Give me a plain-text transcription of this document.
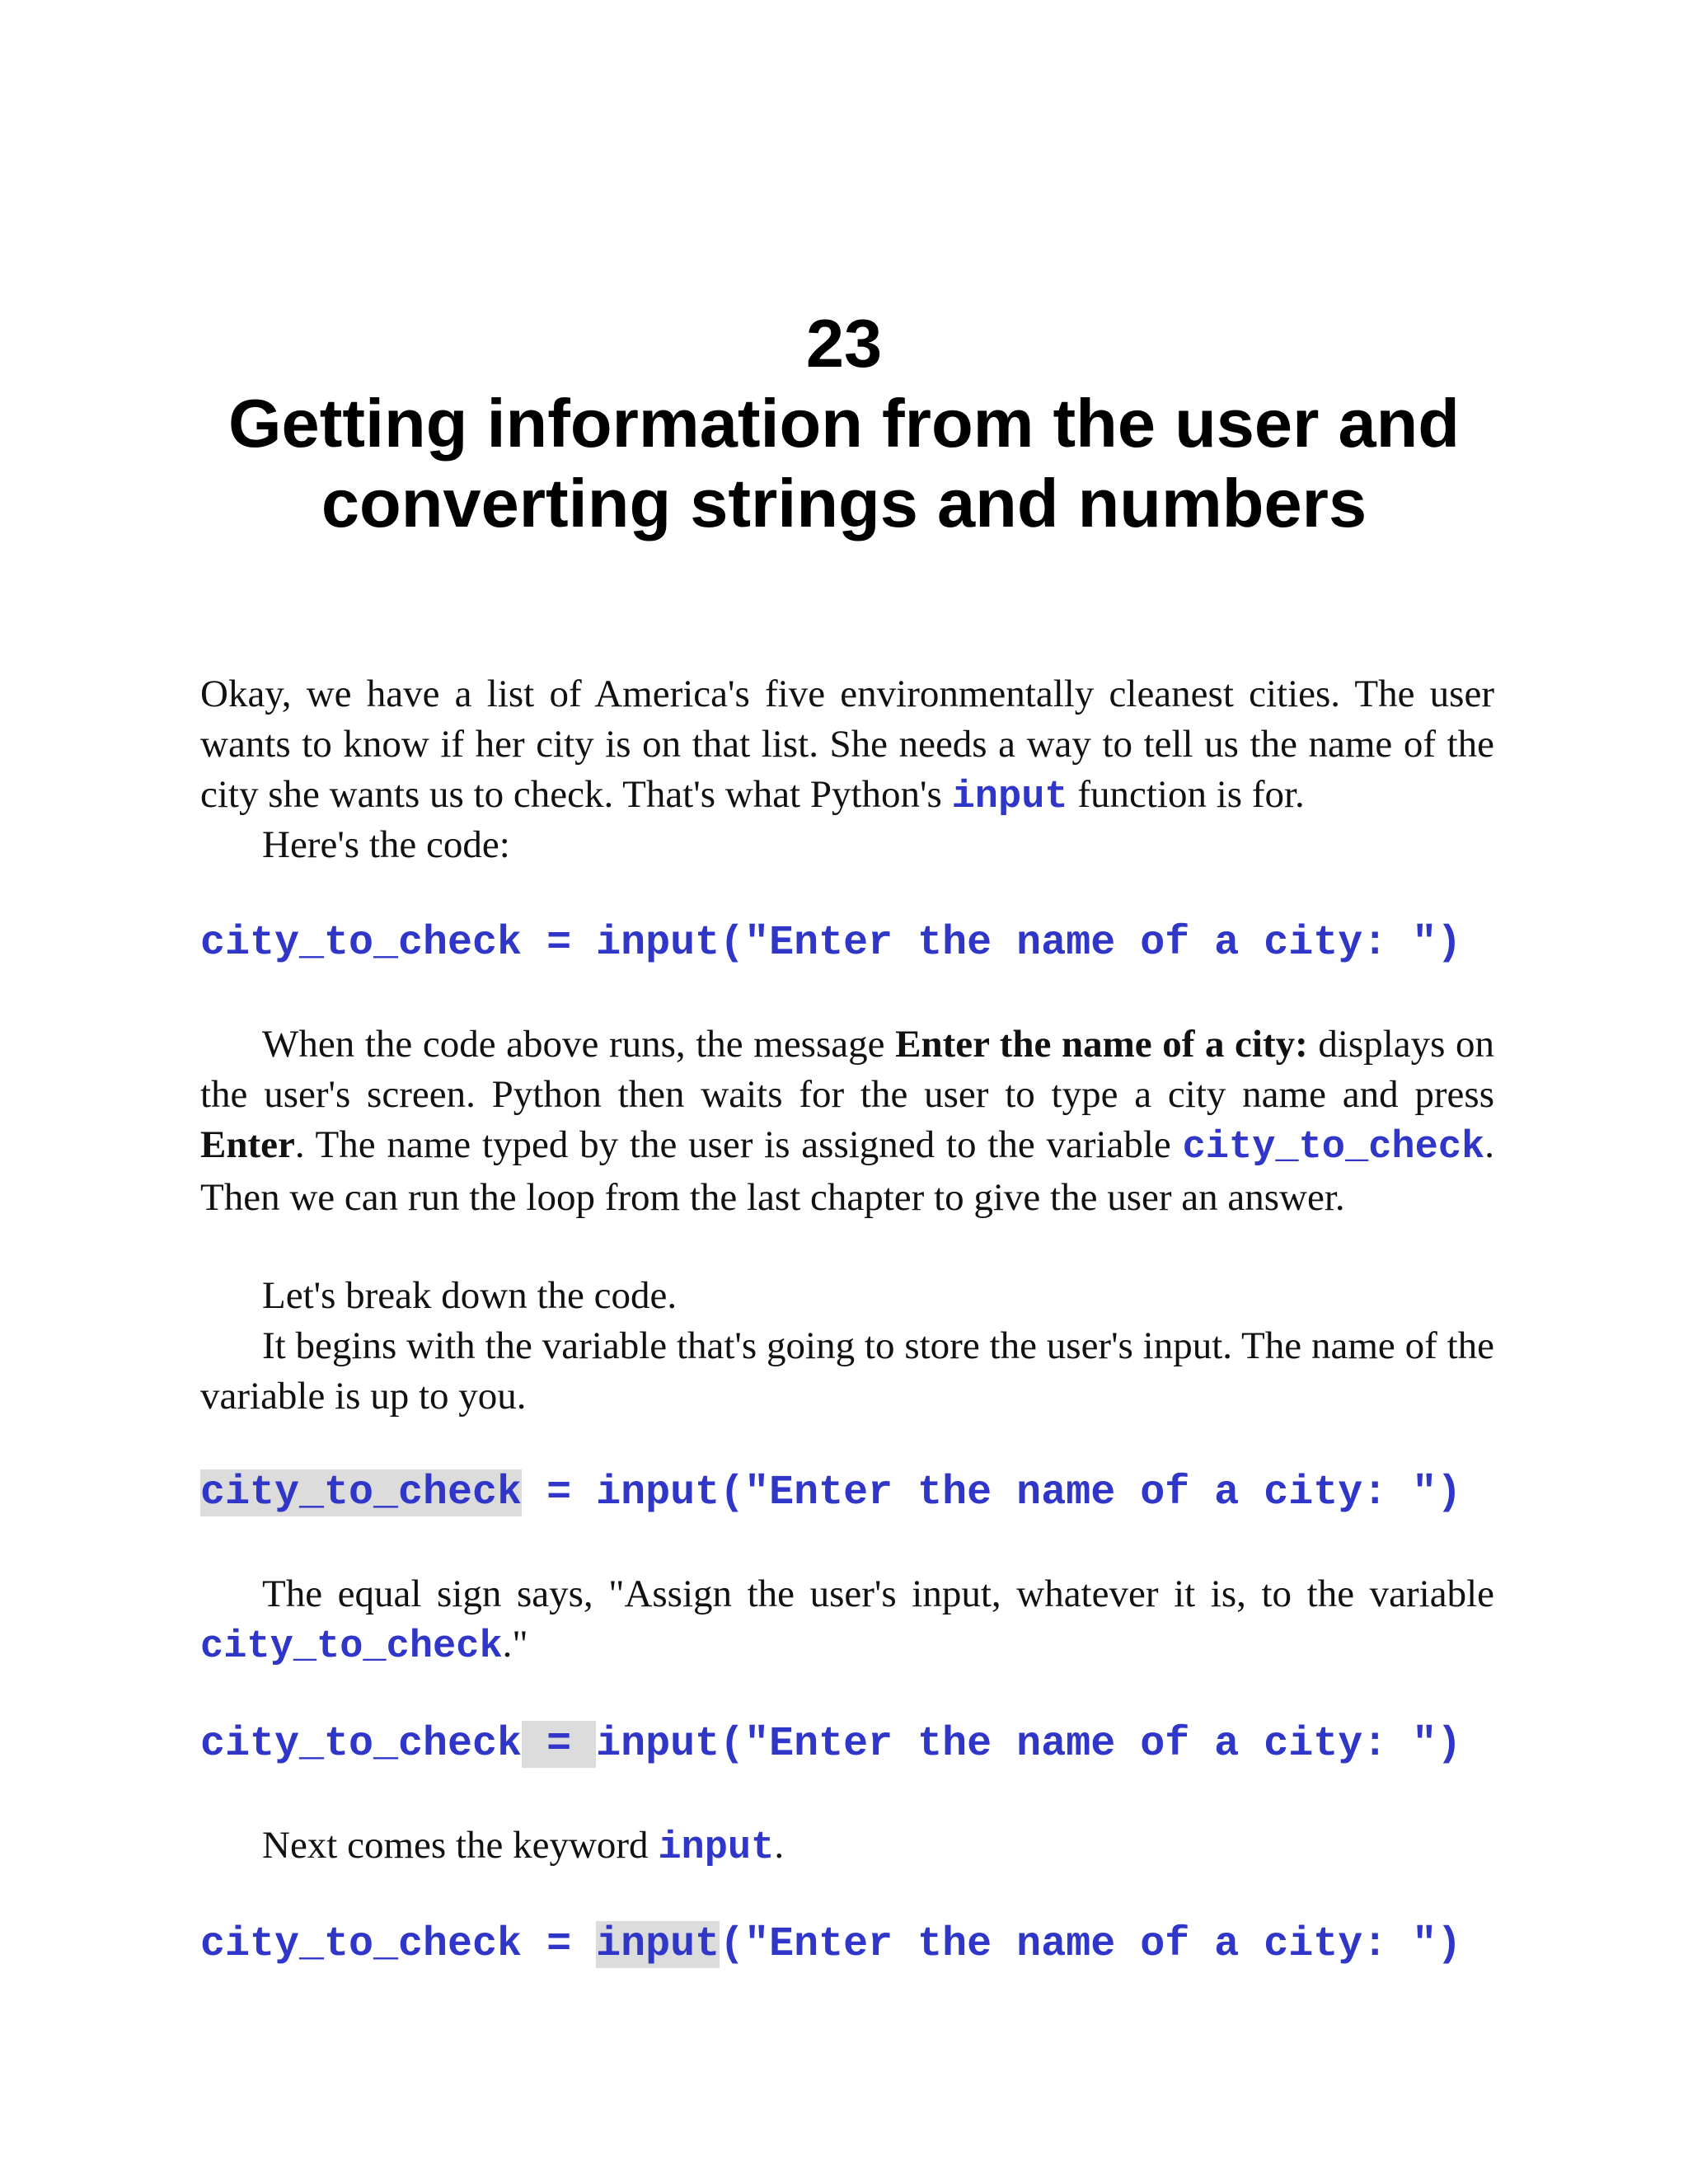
23
Getting information from the user and
converting strings and numbers

Okay, we have a list of America's five environmentally cleanest cities. The user wants to know if her city is on that list. She needs a way to tell us the name of the city she wants us to check. That's what Python's input function is for.

Here's the code:

city_to_check = input("Enter the name of a city: ")

When the code above runs, the message Enter the name of a city: displays on the user's screen. Python then waits for the user to type a city name and press Enter. The name typed by the user is assigned to the variable city_to_check. Then we can run the loop from the last chapter to give the user an answer.

Let's break down the code.

It begins with the variable that's going to store the user's input. The name of the variable is up to you.

city_to_check = input("Enter the name of a city: ")

The equal sign says, "Assign the user's input, whatever it is, to the variable city_to_check."

city_to_check = input("Enter the name of a city: ")

Next comes the keyword input.

city_to_check = input("Enter the name of a city: ")
